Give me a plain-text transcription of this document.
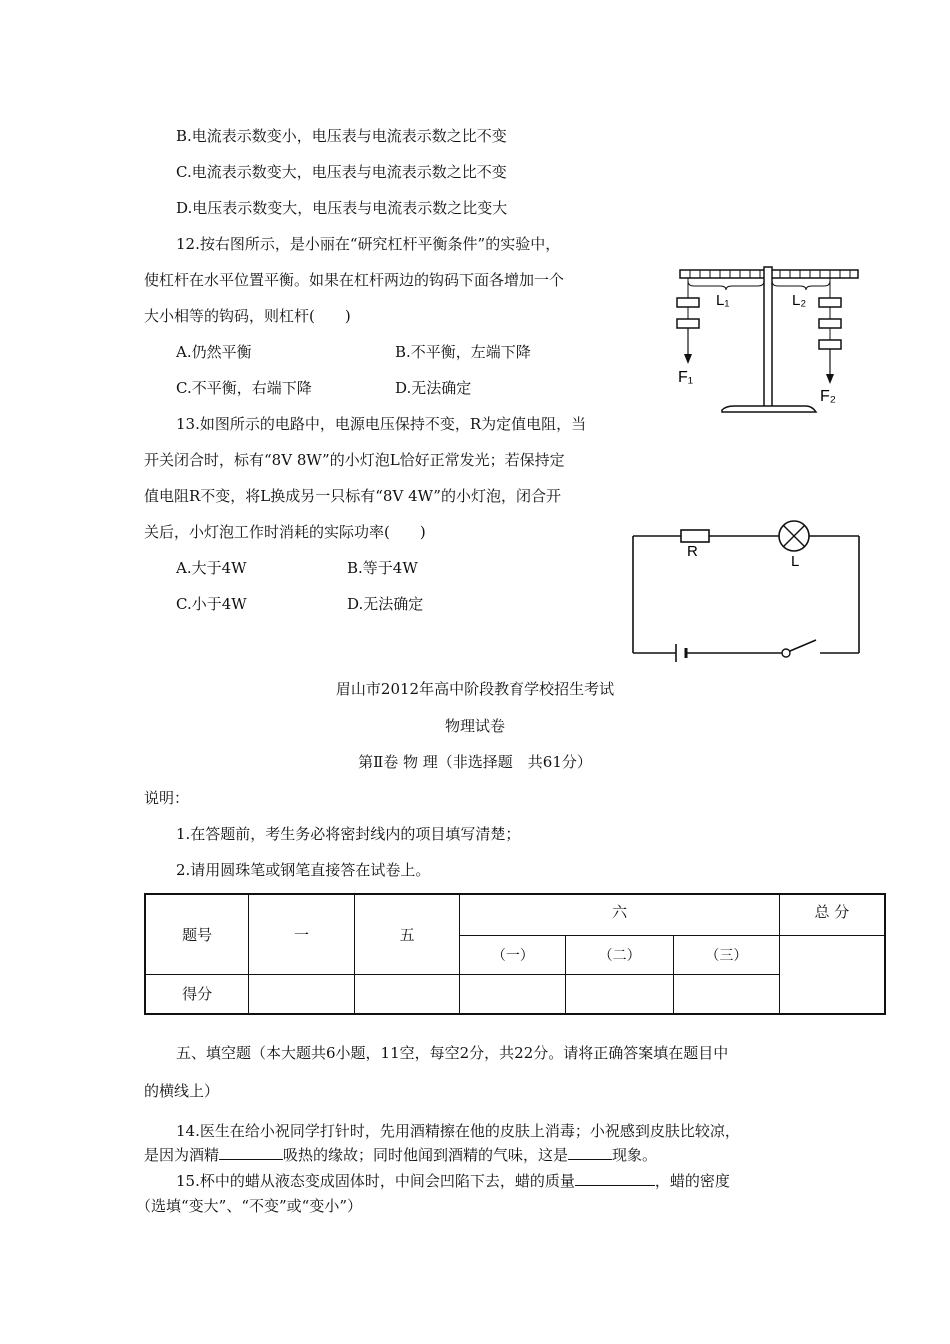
B.电流表示数变小，电压表与电流表示数之比不变
C.电流表示数变大，电压表与电流表示数之比不变
D.电压表示数变大，电压表与电流表示数之比变大
12.按右图所示，是小丽在“研究杠杆平衡条件”的实验中，
使杠杆在水平位置平衡。如果在杠杆两边的钩码下面各增加一个
大小相等的钩码，则杠杆(　　)
A.仍然平衡	B.不平衡，左端下降
C.不平衡，右端下降	D.无法确定
L₁	L₂
F₁
F₂
13.如图所示的电路中，电源电压保持不变，R为定值电阻，当
开关闭合时，标有“8V 8W”的小灯泡L恰好正常发光；若保持定
值电阻R不变，将L换成另一只标有“8V 4W”的小灯泡，闭合开
关后，小灯泡工作时消耗的实际功率(　　)
A.大于4W	B.等于4W
C.小于4W	D.无法确定
R
L
眉山市2012年高中阶段教育学校招生考试
物理试卷
第Ⅱ卷 物 理（非选择题　共61分）
说明：
1.在答题前，考生务必将密封线内的项目填写清楚；
2.请用圆珠笔或钢笔直接答在试卷上。
题号	一	五	六			总 分
			（一）	（二）	（三）	
得分						
五、填空题（本大题共6小题，11空，每空2分，共22分。请将正确答案填在题目中
的横线上）
14.医生在给小祝同学打针时，先用酒精擦在他的皮肤上消毒；小祝感到皮肤比较凉，
是因为酒精	吸热的缘故；同时他闻到酒精的气味，这是	现象。
15.杯中的蜡从液态变成固体时，中间会凹陷下去，蜡的质量	，蜡的密度
（选填“变大”、“不变”或“变小”）
